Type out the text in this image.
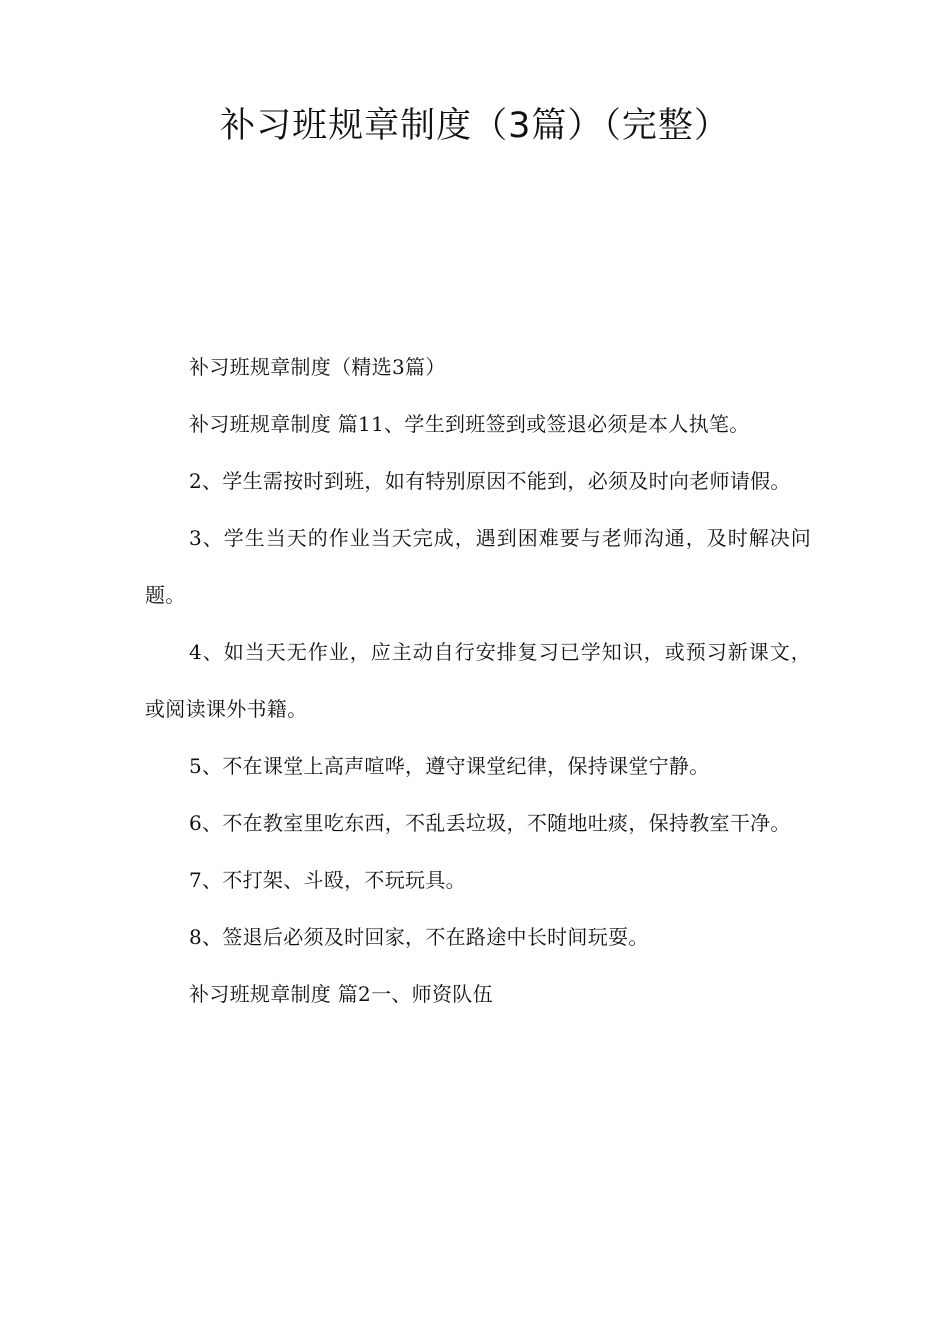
补习班规章制度（3篇）（完整）

补习班规章制度（精选3篇）

补习班规章制度 篇11、学生到班签到或签退必须是本人执笔。

2、学生需按时到班，如有特别原因不能到，必须及时向老师请假。

3、学生当天的作业当天完成，遇到困难要与老师沟通，及时解决问题。

4、如当天无作业，应主动自行安排复习已学知识，或预习新课文，或阅读课外书籍。

5、不在课堂上高声喧哗，遵守课堂纪律，保持课堂宁静。

6、不在教室里吃东西，不乱丢垃圾，不随地吐痰，保持教室干净。

7、不打架、斗殴，不玩玩具。

8、签退后必须及时回家，不在路途中长时间玩耍。

补习班规章制度 篇2一、师资队伍
